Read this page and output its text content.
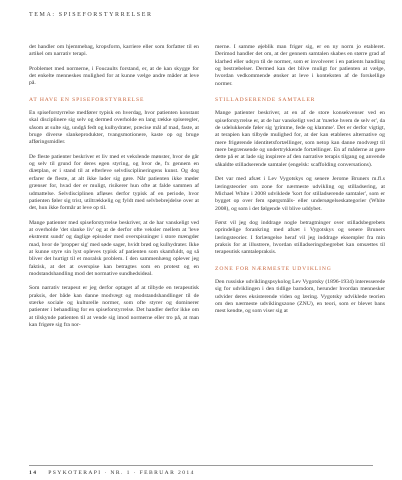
TEMA: SPISEFORSTYRRELSER

det handler om hjemmebag, kropsform, karriere eller som forfatter til en artikel om narrativ terapi.

Problemet med normerne, i Foucaults forstand, er, at de kan skygge for det enkelte menneskes mulighed for at kunne vælge andre måder at leve på.

AT HAVE EN SPISEFORSTYRRELSE

En spiseforstyrrelse medfører typisk en hverdag, hvor patienten konstant skal disciplinere sig selv og dermed overholde en lang række spiseregler, såsom at sulte sig, undgå fedt og kulhydrater, præcise mål af mad, faste, at bruge diverse slankeprodukter, tvangsmotionere, kaste op og bruge afføringsmidler.

De fleste patienter beskriver et liv med et vekslende mønster, hvor de går og selv til grund for deres egen styring, og hvor de, fx gennem en diætplan, er i stand til at efterleve selvdisciplineringens kunst. Og dog erfarer de fleste, at alt ikke lader sig gøre. Når patienten ikke møder grænser for, hvad der er muligt, risikerer hun ofte at falde sammen af udmattelse. Selvdisciplinen afløses derfor typisk af en periode, hvor patienten føler sig trist, utiltrækkelig og fyldt med selvbebrejdelse over at det, hun ikke formår at leve op til.

Mange patienter med spiseforstyrrelse beskriver, at de har vanskeligt ved at overholde 'det slanke liv' og at de derfor ofte veksler mellem at 'leve ekstremt sundt' og daglige episoder med overspisninger i store mængder mad, hvor de 'propper sig' med søde sager, hvidt brød og kulhydrater. Ikke at kunne styre sin lyst opleves typisk af patienten som skamfuldt, og så bliver det hurtigt til et moralsk problem. I den sammenhæng oplever jeg faktisk, at det at overspise kan betragtes som en protest og en modstandshandling mod det normative sundhedsideal.

Som narrativ terapeut er jeg derfor optaget af at tilbyde en terapeutisk praksis, der både kan danne modvægt og modstandshandlinger til de stærke sociale og kulturelle normer, som ofte styrer og dominerer patienter i behandling for en spiseforstyrrelse. Det handler derfor ikke om at tilskynde patienten til at vende sig imod normerne eller tro på, at man kan frigøre sig fra nor-

merne. I samme øjeblik man frigør sig, er en ny norm jo etableret. Derimod handler det om, at der gennem samtalen skabes en større grad af klarhed eller udsyn til de normer, som er involveret i en patients handling og bestræbelser. Dermed kan det blive muligt for patienten at vælge, hvordan vedkommende ønsker at leve i konteksten af de forskellige normer.

STILLADSERENDE SAMTALER

Mange patienter beskriver, at en af de store konsekvenser ved en spiseforstyrrelse er, at de har vanskeligt ved at 'mærke hvem de selv er', da de udelukkende føler sig 'grimme, fede og klamme'. Det er derfor vigtigt, at terapien kan tilbyde mulighed for, at der kan etableres alternative og mere frigørende identitetsfortællinger, som netop kan danne modvægt til mere begrænsende og undertrykkende fortællinger. En af måderne at gøre dette på er at lade sig inspirere af den narrative terapis tilgang og anvende såkaldte stilladserende samtaler (engelsk: scaffolding conversations).

Det var med afsæt i Lev Vygotskys og senere Jerome Bruners m.fl.s læringsteorier om zone for nærmeste udvikling og stilladsering, at Michael White i 2008 udviklede 'kort for stilladserende samtaler', som er bygget op over fem spørgsmåls- eller undersøgelseskategorier (White 2008), og som i det følgende vil blive uddybet.

Først vil jeg dog inddrage nogle betragtninger over stilladsbegrebets oprindelige forankring med afsæt i Vygotskys og senere Bruners læringsteorier. I forlængelse heraf vil jeg inddrage eksempler fra min praksis for at illustrere, hvordan stilladseringsbegrebet kan omsættes til terapeutisk samtalepraksis.

ZONE FOR NÆRMESTE UDVIKLING

Den russiske udviklingspsykolog Lev Vygotsky (1896-1934) interesserede sig for udviklingen i den tidlige barndom, herunder hvordan mennesker udvider deres eksisterende viden og læring. Vygotsky udviklede teorien om den nærmeste udviklingszone (ZNU), en teori, som er blevet bans mest kendte, og som viser sig at

14 PSYKOTERAPI · NR. 1 · FEBRUAR 2014
